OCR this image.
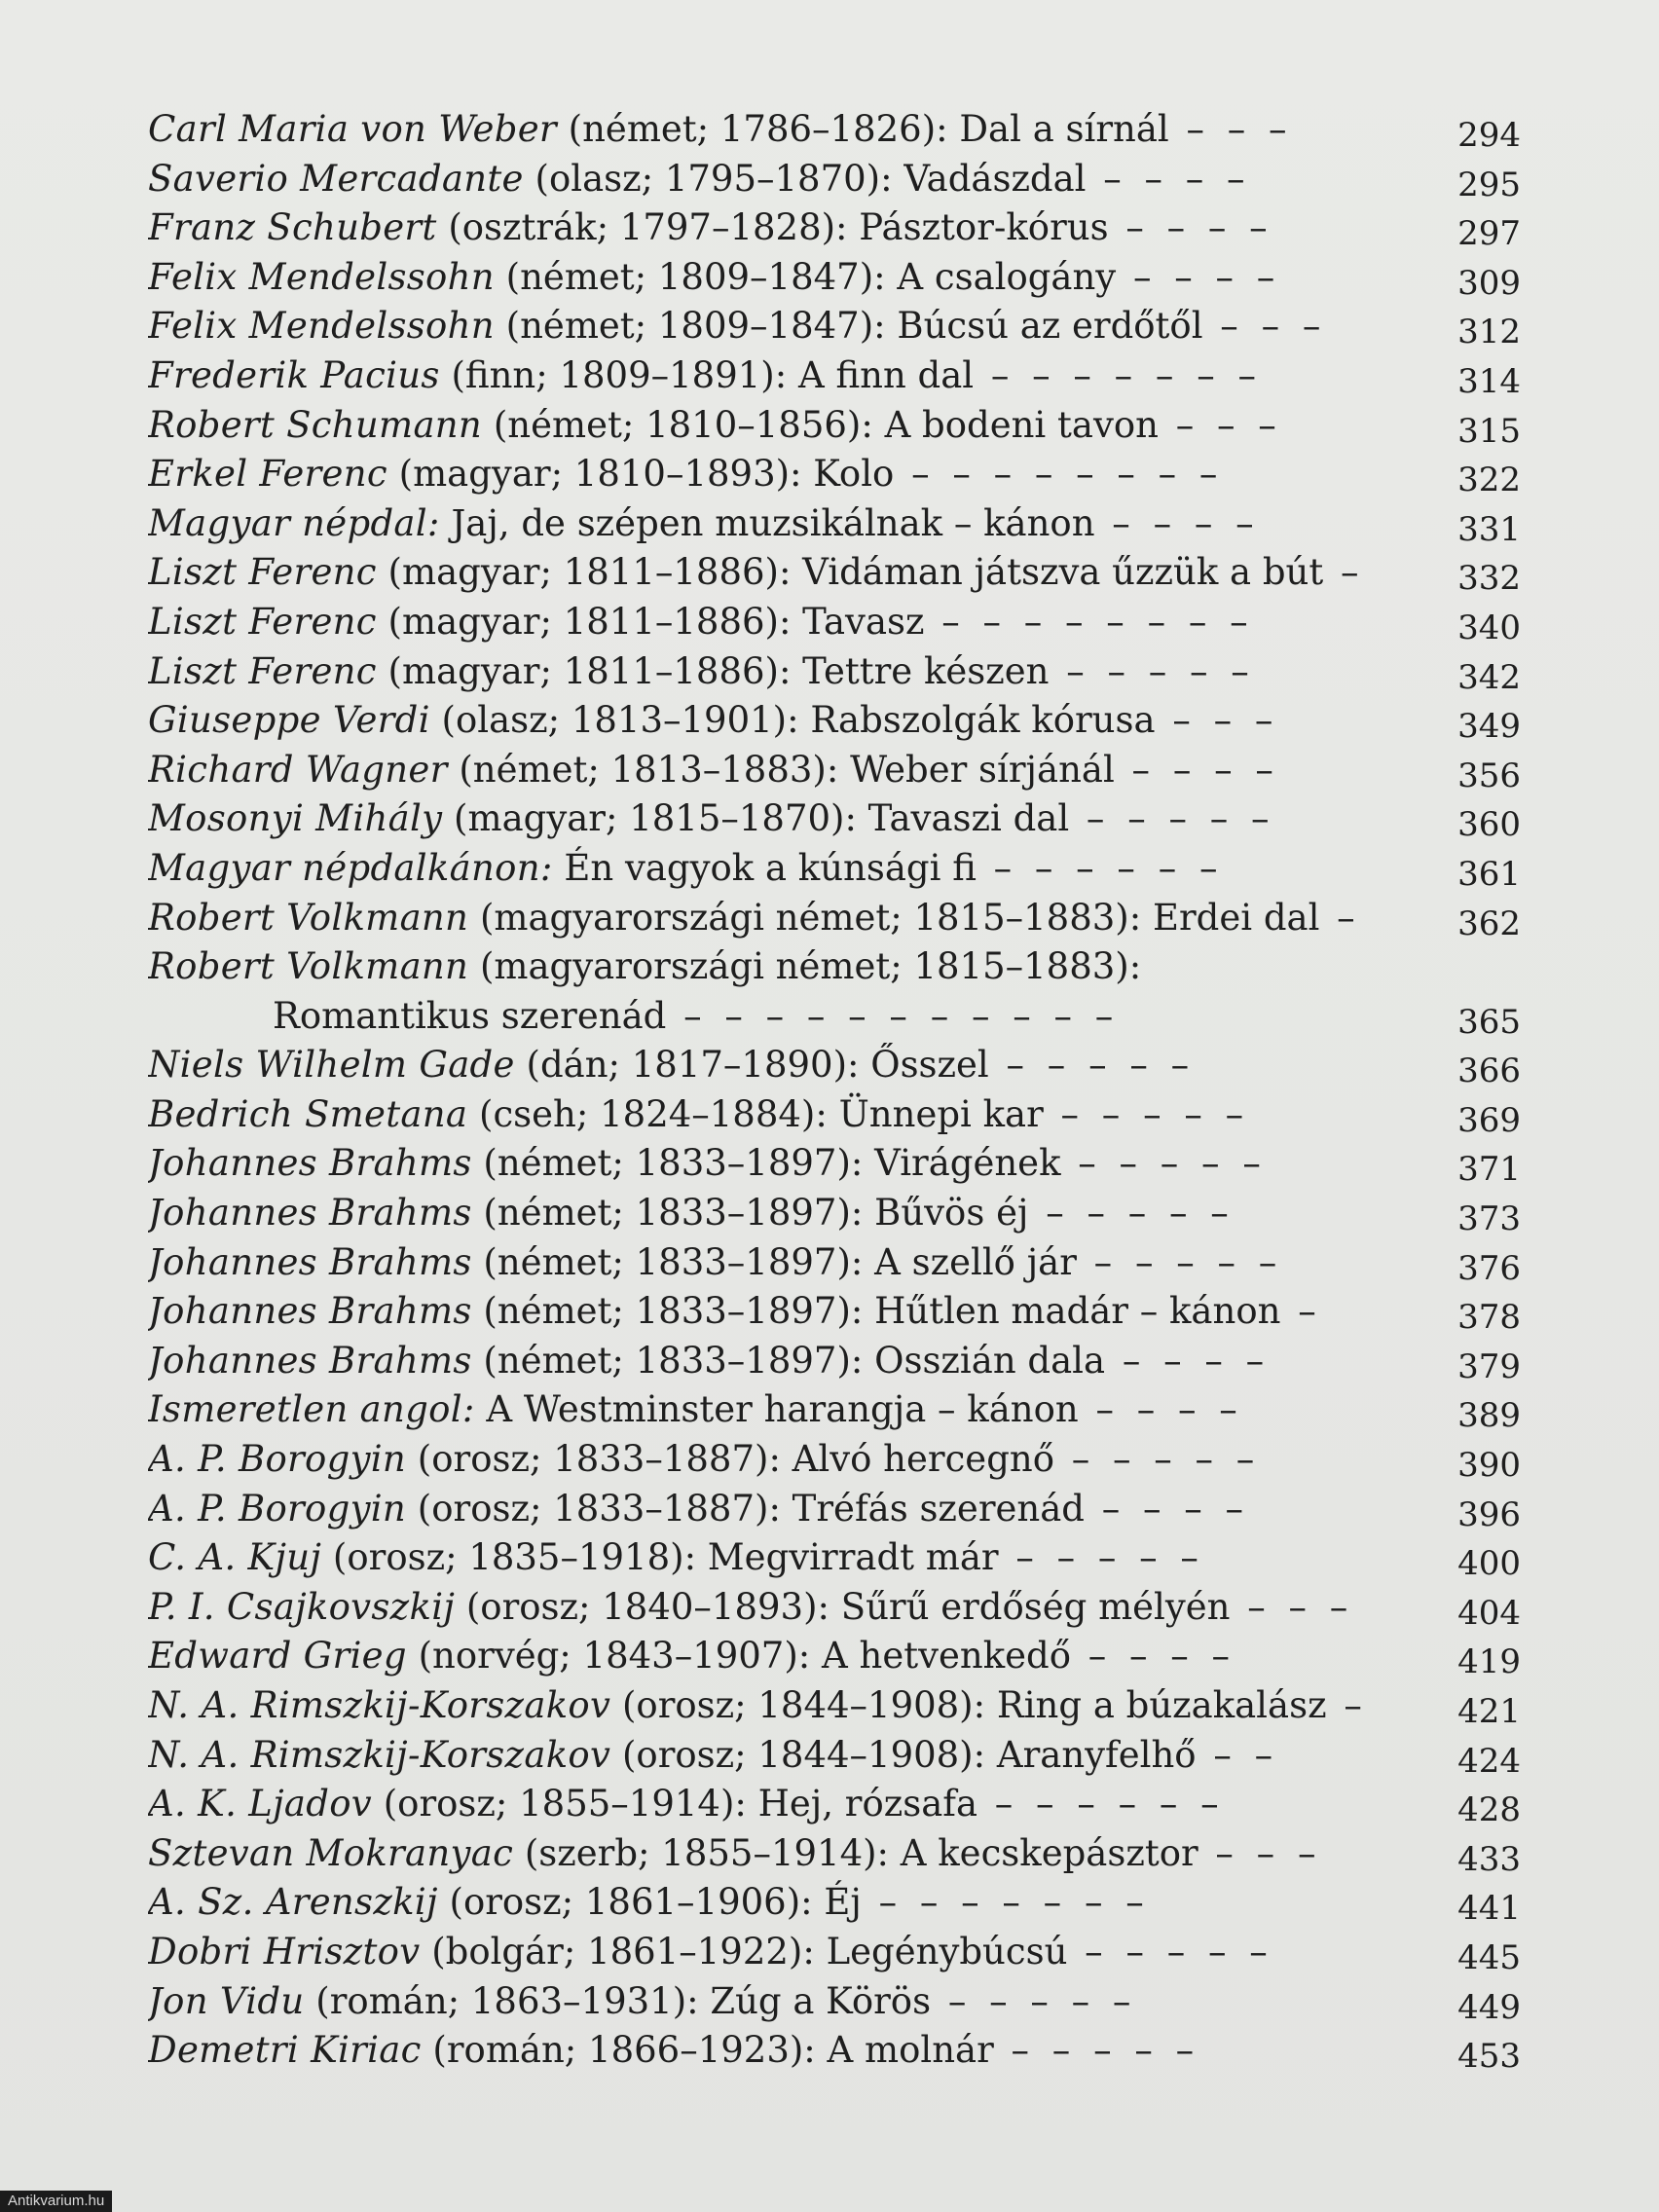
Carl Maria von Weber (német; 1786–1826): Dal a sírnál – – –	294
Saverio Mercadante (olasz; 1795–1870): Vadászdal – – – –	295
Franz Schubert (osztrák; 1797–1828): Pásztor-kórus – – – –	297
Felix Mendelssohn (német; 1809–1847): A csalogány – – – –	309
Felix Mendelssohn (német; 1809–1847): Búcsú az erdőtől – – –	312
Frederik Pacius (finn; 1809–1891): A finn dal – – – – – – –	314
Robert Schumann (német; 1810–1856): A bodeni tavon – – –	315
Erkel Ferenc (magyar; 1810–1893): Kolo – – – – – – – –	322
Magyar népdal: Jaj, de szépen muzsikálnak – kánon – – – –	331
Liszt Ferenc (magyar; 1811–1886): Vidáman játszva űzzük a bút –	332
Liszt Ferenc (magyar; 1811–1886): Tavasz – – – – – – – –	340
Liszt Ferenc (magyar; 1811–1886): Tettre készen – – – – –	342
Giuseppe Verdi (olasz; 1813–1901): Rabszolgák kórusa – – –	349
Richard Wagner (német; 1813–1883): Weber sírjánál – – – –	356
Mosonyi Mihály (magyar; 1815–1870): Tavaszi dal – – – – –	360
Magyar népdalkánon: Én vagyok a kúnsági fi – – – – – –	361
Robert Volkmann (magyarországi német; 1815–1883): Erdei dal –	362
Robert Volkmann (magyarországi német; 1815–1883):
Romantikus szerenád – – – – – – – – – – –	365
Niels Wilhelm Gade (dán; 1817–1890): Ősszel – – – – –	366
Bedrich Smetana (cseh; 1824–1884): Ünnepi kar – – – – –	369
Johannes Brahms (német; 1833–1897): Virágének – – – – –	371
Johannes Brahms (német; 1833–1897): Bűvös éj – – – – –	373
Johannes Brahms (német; 1833–1897): A szellő jár – – – – –	376
Johannes Brahms (német; 1833–1897): Hűtlen madár – kánon –	378
Johannes Brahms (német; 1833–1897): Osszián dala – – – –	379
Ismeretlen angol: A Westminster harangja – kánon – – – –	389
A. P. Borogyin (orosz; 1833–1887): Alvó hercegnő – – – – –	390
A. P. Borogyin (orosz; 1833–1887): Tréfás szerenád – – – –	396
C. A. Kjuj (orosz; 1835–1918): Megvirradt már – – – – –	400
P. I. Csajkovszkij (orosz; 1840–1893): Sűrű erdőség mélyén – – –	404
Edward Grieg (norvég; 1843–1907): A hetvenkedő – – – –	419
N. A. Rimszkij-Korszakov (orosz; 1844–1908): Ring a búzakalász –	421
N. A. Rimszkij-Korszakov (orosz; 1844–1908): Aranyfelhő – –	424
A. K. Ljadov (orosz; 1855–1914): Hej, rózsafa – – – – – –	428
Sztevan Mokranyac (szerb; 1855–1914): A kecskepásztor – – –	433
A. Sz. Arenszkij (orosz; 1861–1906): Éj – – – – – – –	441
Dobri Hrisztov (bolgár; 1861–1922): Legénybúcsú – – – – –	445
Jon Vidu (román; 1863–1931): Zúg a Körös – – – – –	449
Demetri Kiriac (román; 1866–1923): A molnár – – – – –	453
Antikvarium.hu
